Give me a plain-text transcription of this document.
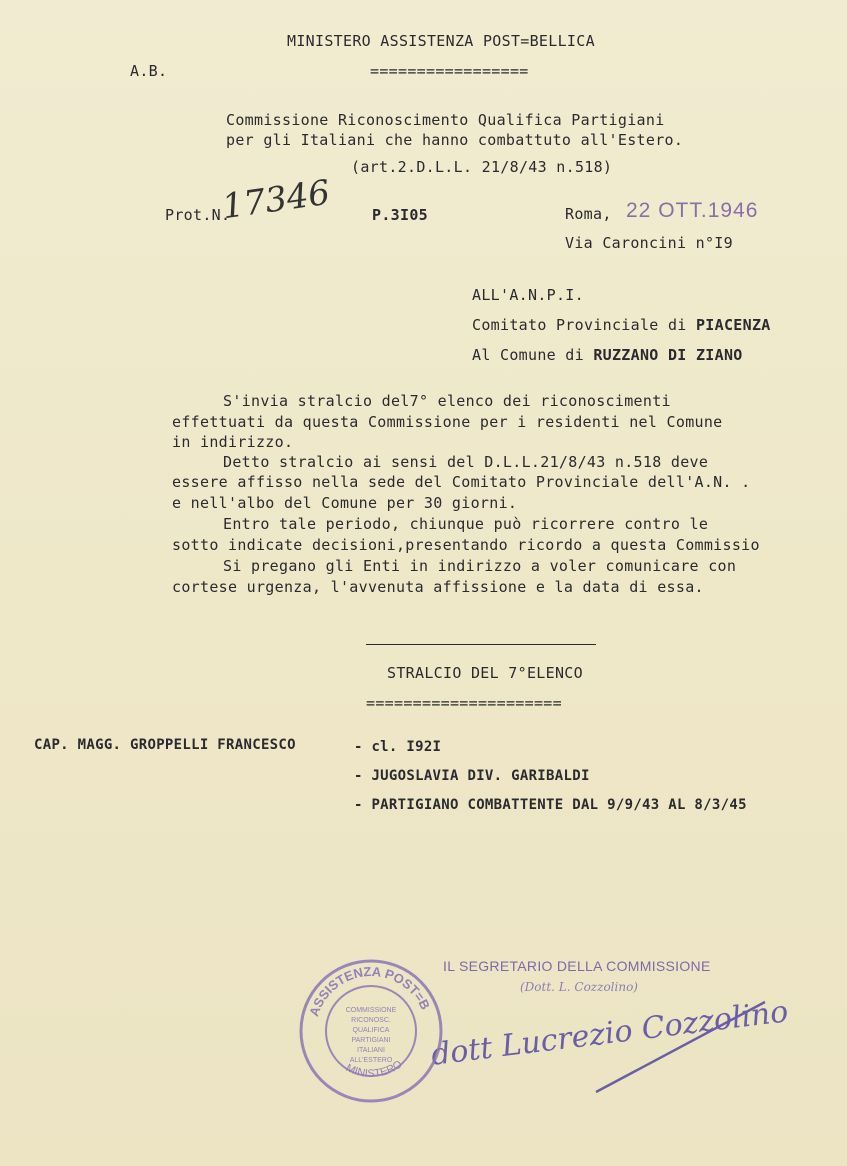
MINISTERO ASSISTENZA POST=BELLICA
A.B.	=================
Commissione Riconoscimento Qualifica Partigiani
per gli Italiani che hanno combattuto all'Estero.
(art.2.D.L.L. 21/8/43 n.518)
Prot.N.
17346	P.3I05	Roma, 22 OTT.1946
Via Caroncini n°I9
ALL'A.N.P.I.
Comitato Provinciale di PIACENZA
Al Comune di RUZZANO DI ZIANO
S'invia stralcio del7° elenco dei riconoscimenti
effettuati da questa Commissione per i residenti nel Comune
in indirizzo.
Detto stralcio ai sensi del D.L.L.21/8/43 n.518 deve
essere affisso nella sede del Comitato Provinciale dell'A.N. .
e nell'albo del Comune per 30 giorni.
Entro tale periodo, chiunque può ricorrere contro le
sotto indicate decisioni,presentando ricordo a questa Commissio
Si pregano gli Enti in indirizzo a voler comunicare con
cortese urgenza, l'avvenuta affissione e la data di essa.
STRALCIO DEL 7°ELENCO
=====================
CAP. MAGG. GROPPELLI FRANCESCO	- cl. I92I
- JUGOSLAVIA DIV. GARIBALDI
- PARTIGIANO COMBATTENTE DAL 9/9/43 AL 8/3/45
IL SEGRETARIO DELLA COMMISSIONE
(Dott. L. Cozzolino)
dott Lucrezio Cozzolino
ASSISTENZA POST=B
MINISTERO
COMMISSIONE
RICONOSC.
QUALIFICA
PARTIGIANI
ITALIANI
ALL'ESTERO
